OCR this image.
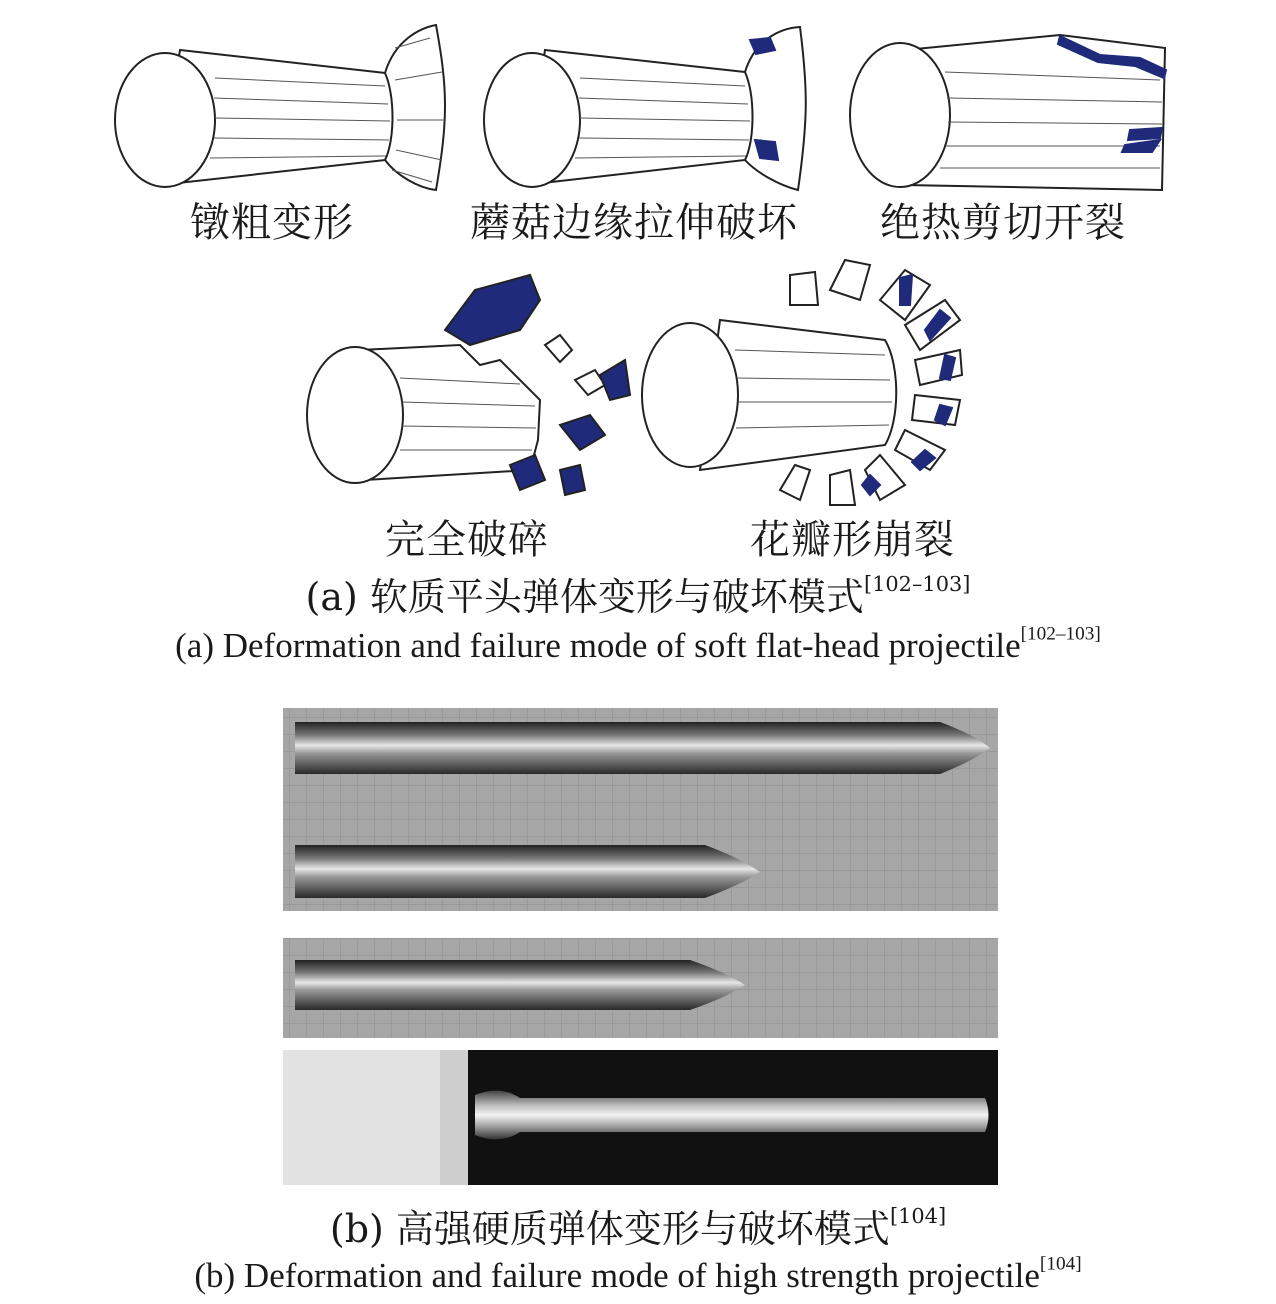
镦粗变形	蘑菇边缘拉伸破坏 绝热剪切开裂
完全破碎	花瓣形崩裂
(a) 软质平头弹体变形与破坏模式[102–103]
(a) Deformation and failure mode of soft flat-head projectile[102–103]
(b) 高强硬质弹体变形与破坏模式[104]
(b) Deformation and failure mode of high strength projectile[104]
